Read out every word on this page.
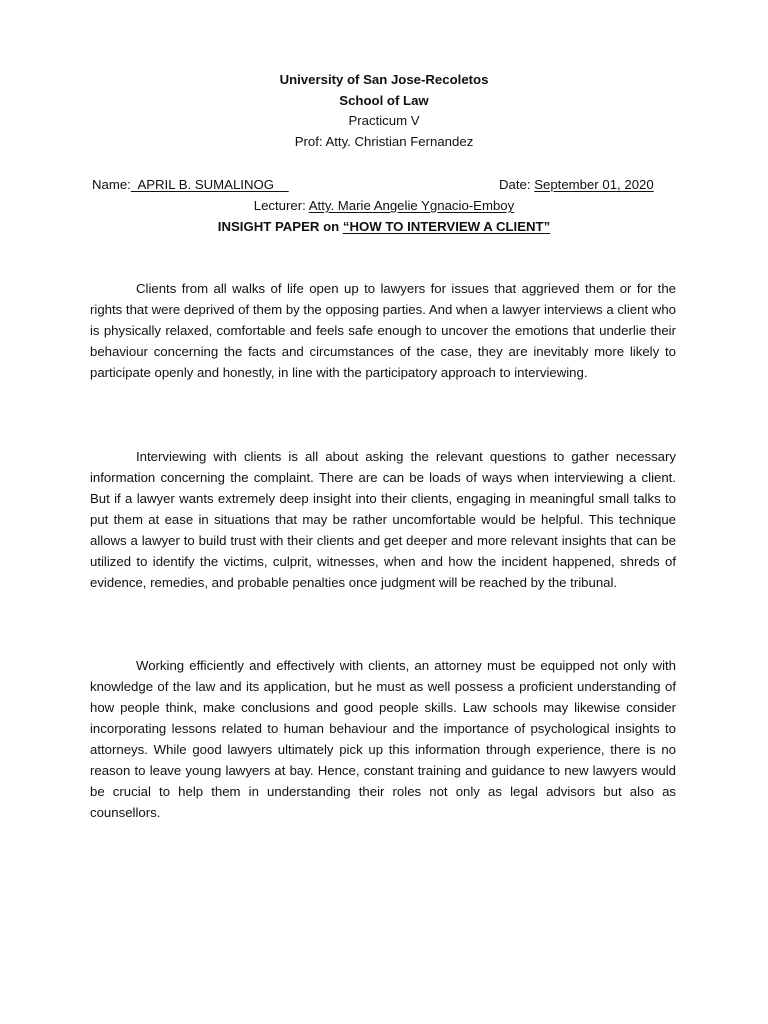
University of San Jose-Recoletos
School of Law
Practicum V
Prof: Atty. Christian Fernandez
Name:  APRIL B. SUMALINOG	Date: September 01, 2020
Lecturer: Atty. Marie Angelie Ygnacio-Emboy
INSIGHT PAPER on “HOW TO INTERVIEW A CLIENT”

Clients from all walks of life open up to lawyers for issues that aggrieved them or for the rights that were deprived of them by the opposing parties. And when a lawyer interviews a client who is physically relaxed, comfortable and feels safe enough to uncover the emotions that underlie their behaviour concerning the facts and circumstances of the case, they are inevitably more likely to participate openly and honestly, in line with the participatory approach to interviewing.

Interviewing with clients is all about asking the relevant questions to gather necessary information concerning the complaint. There are can be loads of ways when interviewing a client. But if a lawyer wants extremely deep insight into their clients, engaging in meaningful small talks to put them at ease in situations that may be rather uncomfortable would be helpful. This technique allows a lawyer to build trust with their clients and get deeper and more relevant insights that can be utilized to identify the victims, culprit, witnesses, when and how the incident happened, shreds of evidence, remedies, and probable penalties once judgment will be reached by the tribunal.

Working efficiently and effectively with clients, an attorney must be equipped not only with knowledge of the law and its application, but he must as well possess a proficient understanding of how people think, make conclusions and good people skills. Law schools may likewise consider incorporating lessons related to human behaviour and the importance of psychological insights to attorneys. While good lawyers ultimately pick up this information through experience, there is no reason to leave young lawyers at bay. Hence, constant training and guidance to new lawyers would be crucial to help them in understanding their roles not only as legal advisors but also as counsellors.
